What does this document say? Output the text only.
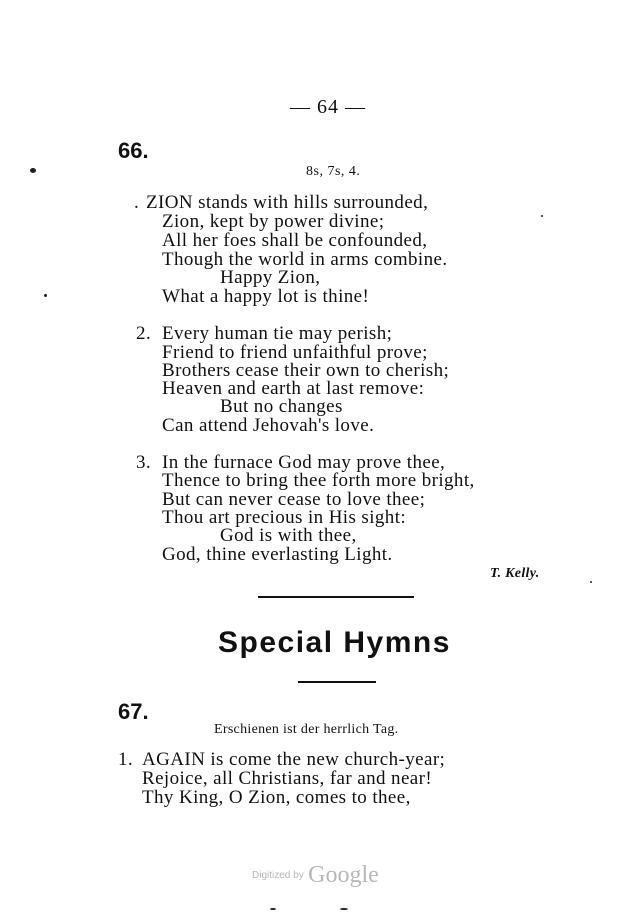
— 64 —
66.
8s, 7s, 4.
. ZION stands with hills surrounded,
Zion, kept by power divine;
All her foes shall be confounded,
Though the world in arms combine.
Happy Zion,
What a happy lot is thine!
2. Every human tie may perish;
Friend to friend unfaithful prove;
Brothers cease their own to cherish;
Heaven and earth at last remove:
But no changes
Can attend Jehovah's love.
3. In the furnace God may prove thee,
Thence to bring thee forth more bright,
But can never cease to love thee;
Thou art precious in His sight:
God is with thee,
God, thine everlasting Light.
T. Kelly.
Special Hymns
67.
Erschienen ist der herrlich Tag.
1. AGAIN is come the new church-year;
Rejoice, all Christians, far and near!
Thy King, O Zion, comes to thee,
Digitized by Google
